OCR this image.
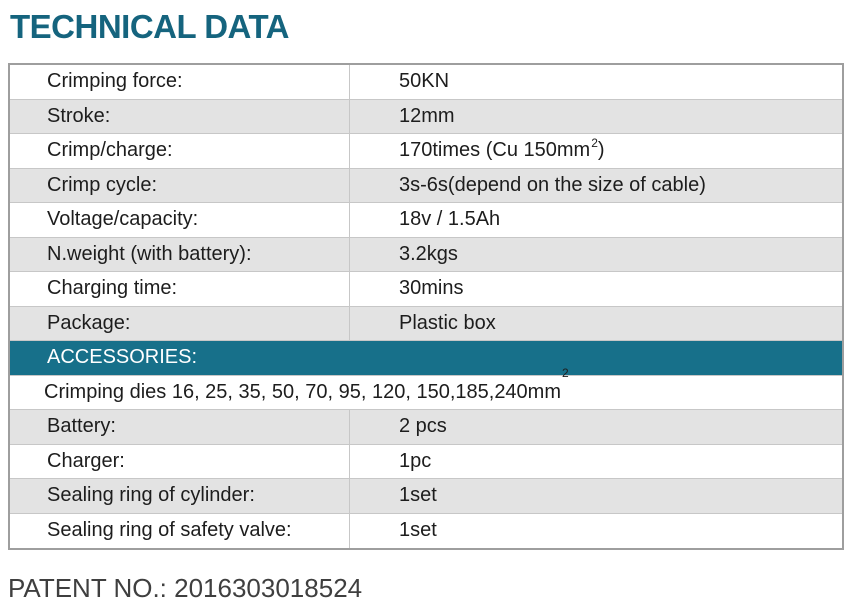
TECHNICAL DATA
Crimping force:	50KN
Stroke:	12mm
Crimp/charge:	170times (Cu $150mm^2$)
Crimp cycle:	3s-6s(depend on the size of cable)
Voltage/capacity:	18v / 1.5Ah
N.weight (with battery):	3.2kgs
Charging time:	30mins
Package:	Plastic box
ACCESSORIES:
Crimping dies 16, 25, 35, 50, 70, 95, 120, 150,185,240mm
2
Battery:	2 pcs
Charger:	1pc
Sealing ring of cylinder:	1set
Sealing ring of safety valve:	1set
PATENT NO.: 2016303018524
